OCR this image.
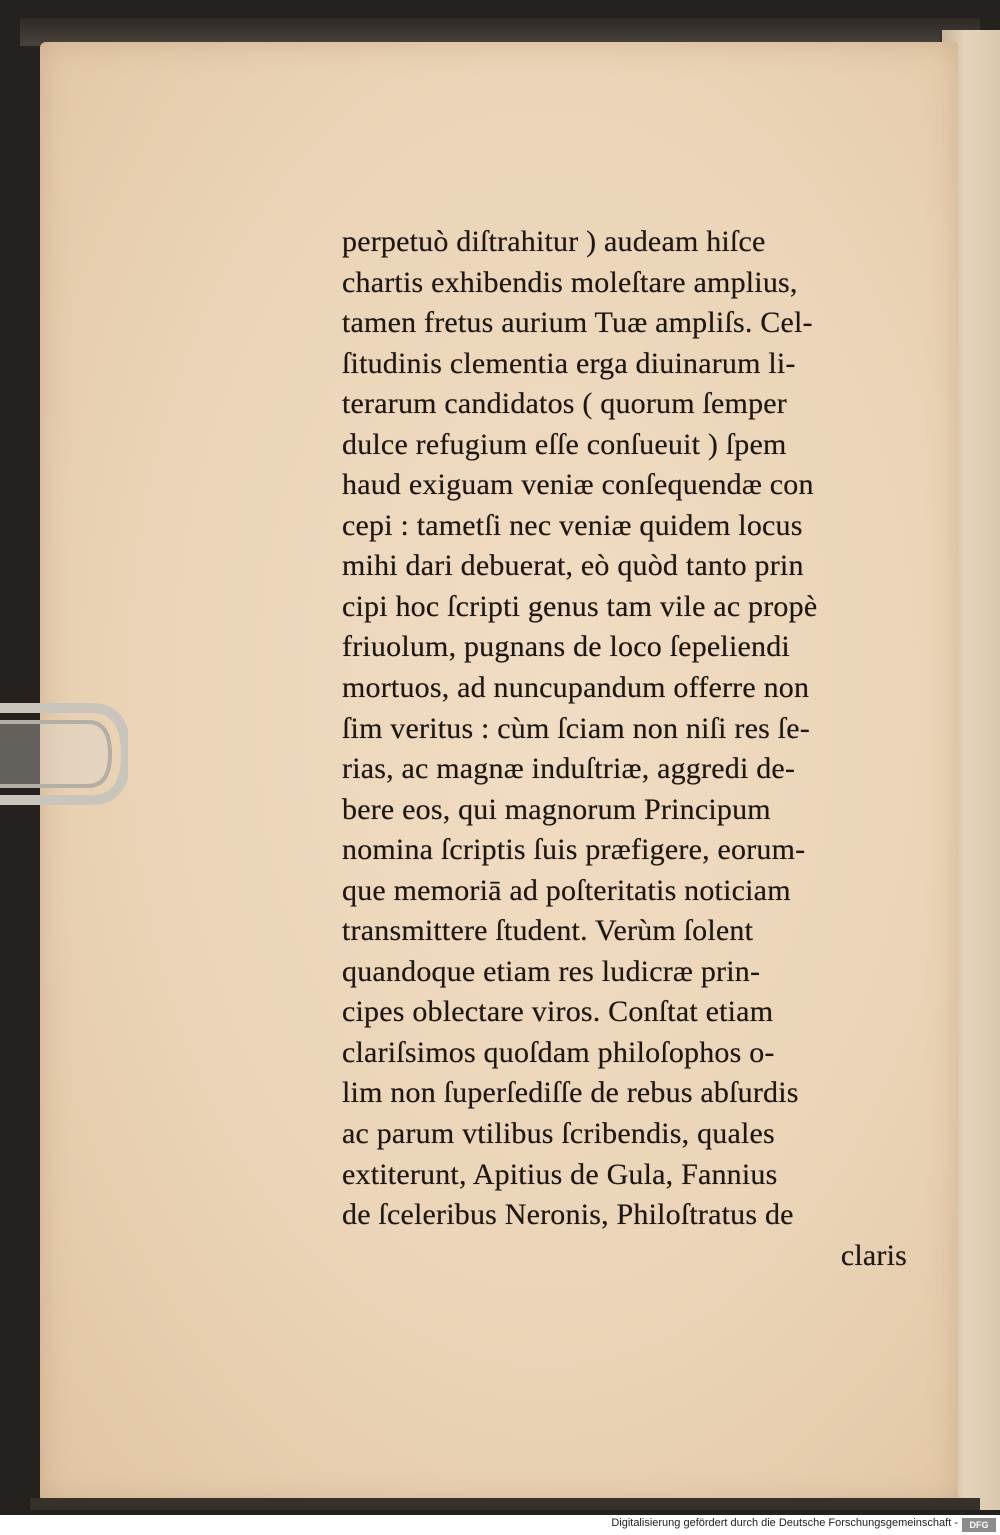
perpetuò diſtrahitur ) audeam hiſce
chartis exhibendis moleſtare amplius,
tamen fretus aurium Tuæ ampliſs. Cel-
ſitudinis clementia erga diuinarum li-
terarum candidatos ( quorum ſemper
dulce refugium eſſe conſueuit ) ſpem
haud exiguam veniæ conſequendæ con
cepi : tametſi nec veniæ quidem locus
mihi dari debuerat, eò quòd tanto prin
cipi hoc ſcripti genus tam vile ac propè
friuolum, pugnans de loco ſepeliendi
mortuos, ad nuncupandum offerre non
ſim veritus : cùm ſciam non niſi res ſe-
rias, ac magnæ induſtriæ, aggredi de-
bere eos, qui magnorum Principum
nomina ſcriptis ſuis præfigere, eorum-
que memoriā ad poſteritatis noticiam
transmittere ſtudent. Verùm ſolent
quandoque etiam res ludicræ prin-
cipes oblectare viros. Conſtat etiam
clariſsimos quoſdam philoſophos o-
lim non ſuperſediſſe de rebus abſurdis
ac parum vtilibus ſcribendis, quales
extiterunt, Apitius de Gula, Fannius
de ſceleribus Neronis, Philoſtratus de
claris
Digitalisierung gefördert durch die Deutsche Forschungsgemeinschaft -	DFG
